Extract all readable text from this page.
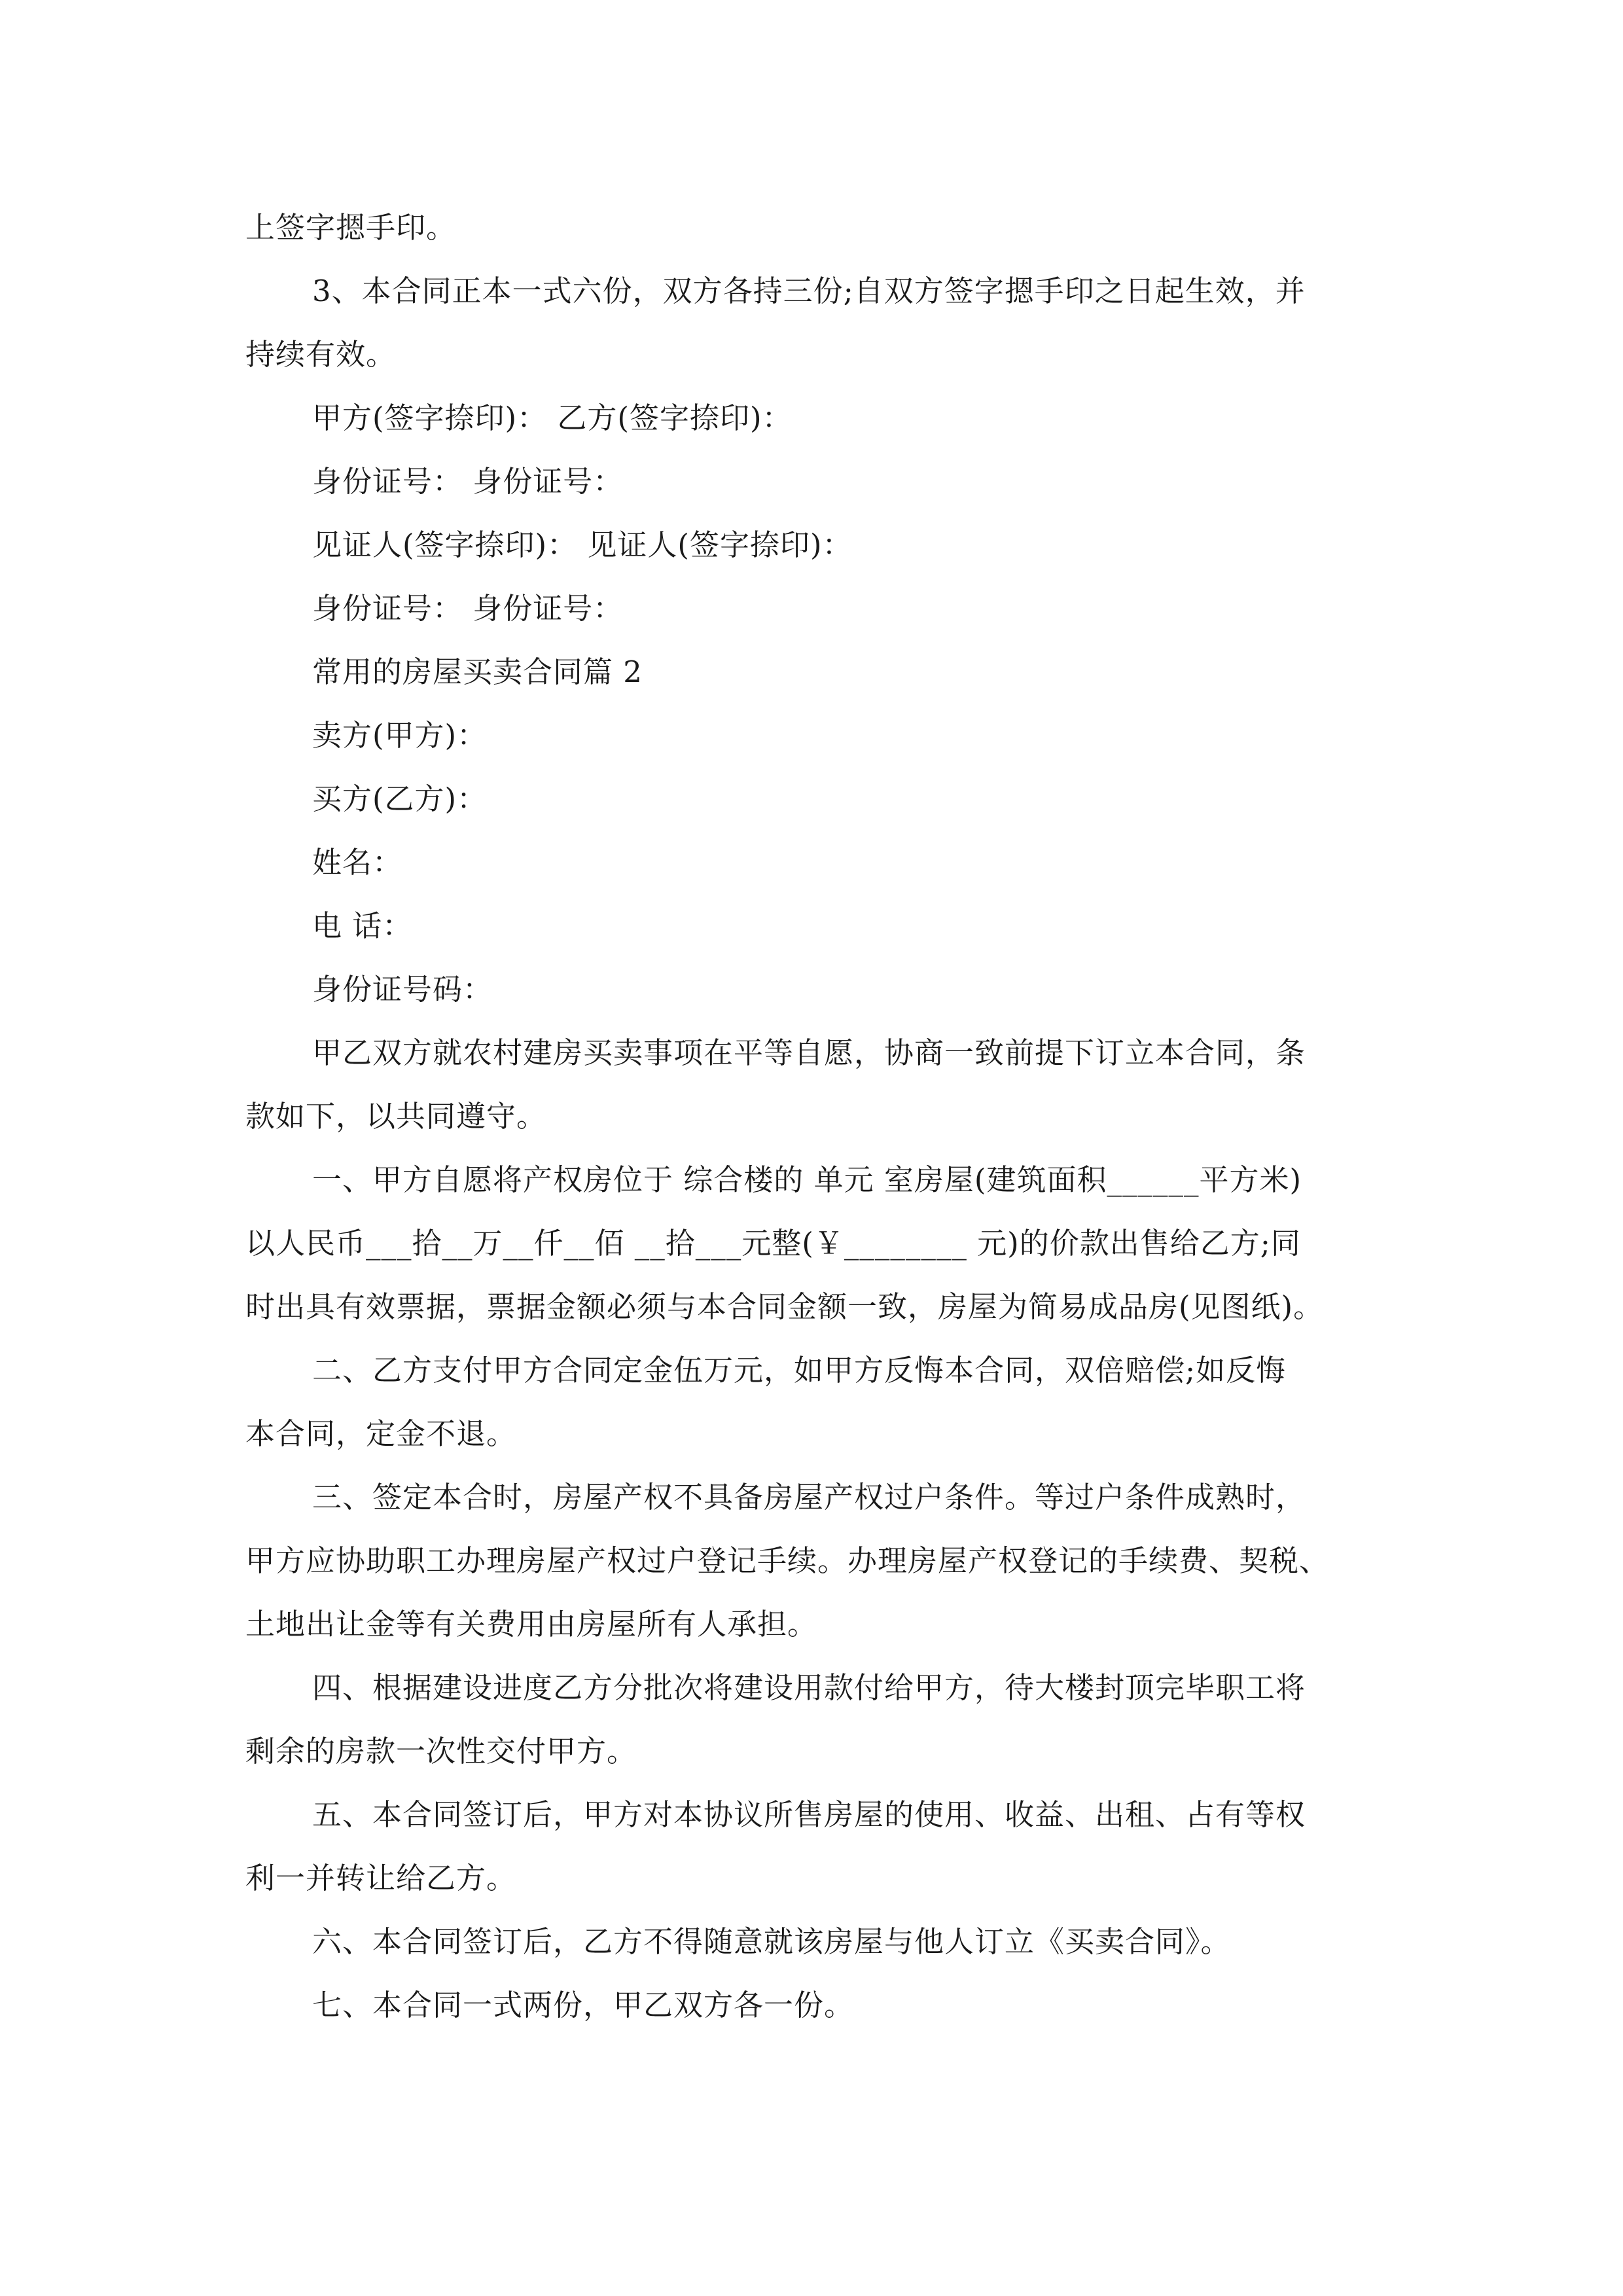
上签字摁手印。
3、本合同正本一式六份，双方各持三份;自双方签字摁手印之日起生效，并
持续有效。
甲方(签字捺印)： 乙方(签字捺印)：
身份证号： 身份证号：
见证人(签字捺印)： 见证人(签字捺印)：
身份证号： 身份证号：
常用的房屋买卖合同篇 2
卖方(甲方)：
买方(乙方)：
姓名：
电 话：
身份证号码：
甲乙双方就农村建房买卖事项在平等自愿，协商一致前提下订立本合同，条
款如下，以共同遵守。
一、甲方自愿将产权房位于 综合楼的 单元 室房屋(建筑面积______平方米)
以人民币___拾__万__仟__佰 __拾___元整(￥________ 元)的价款出售给乙方;同
时出具有效票据，票据金额必须与本合同金额一致，房屋为简易成品房(见图纸)。
二、乙方支付甲方合同定金伍万元，如甲方反悔本合同，双倍赔偿;如反悔
本合同，定金不退。
三、签定本合时，房屋产权不具备房屋产权过户条件。等过户条件成熟时，
甲方应协助职工办理房屋产权过户登记手续。办理房屋产权登记的手续费、契税、
土地出让金等有关费用由房屋所有人承担。
四、根据建设进度乙方分批次将建设用款付给甲方，待大楼封顶完毕职工将
剩余的房款一次性交付甲方。
五、本合同签订后，甲方对本协议所售房屋的使用、收益、出租、占有等权
利一并转让给乙方。
六、本合同签订后，乙方不得随意就该房屋与他人订立《买卖合同》。
七、本合同一式两份，甲乙双方各一份。
